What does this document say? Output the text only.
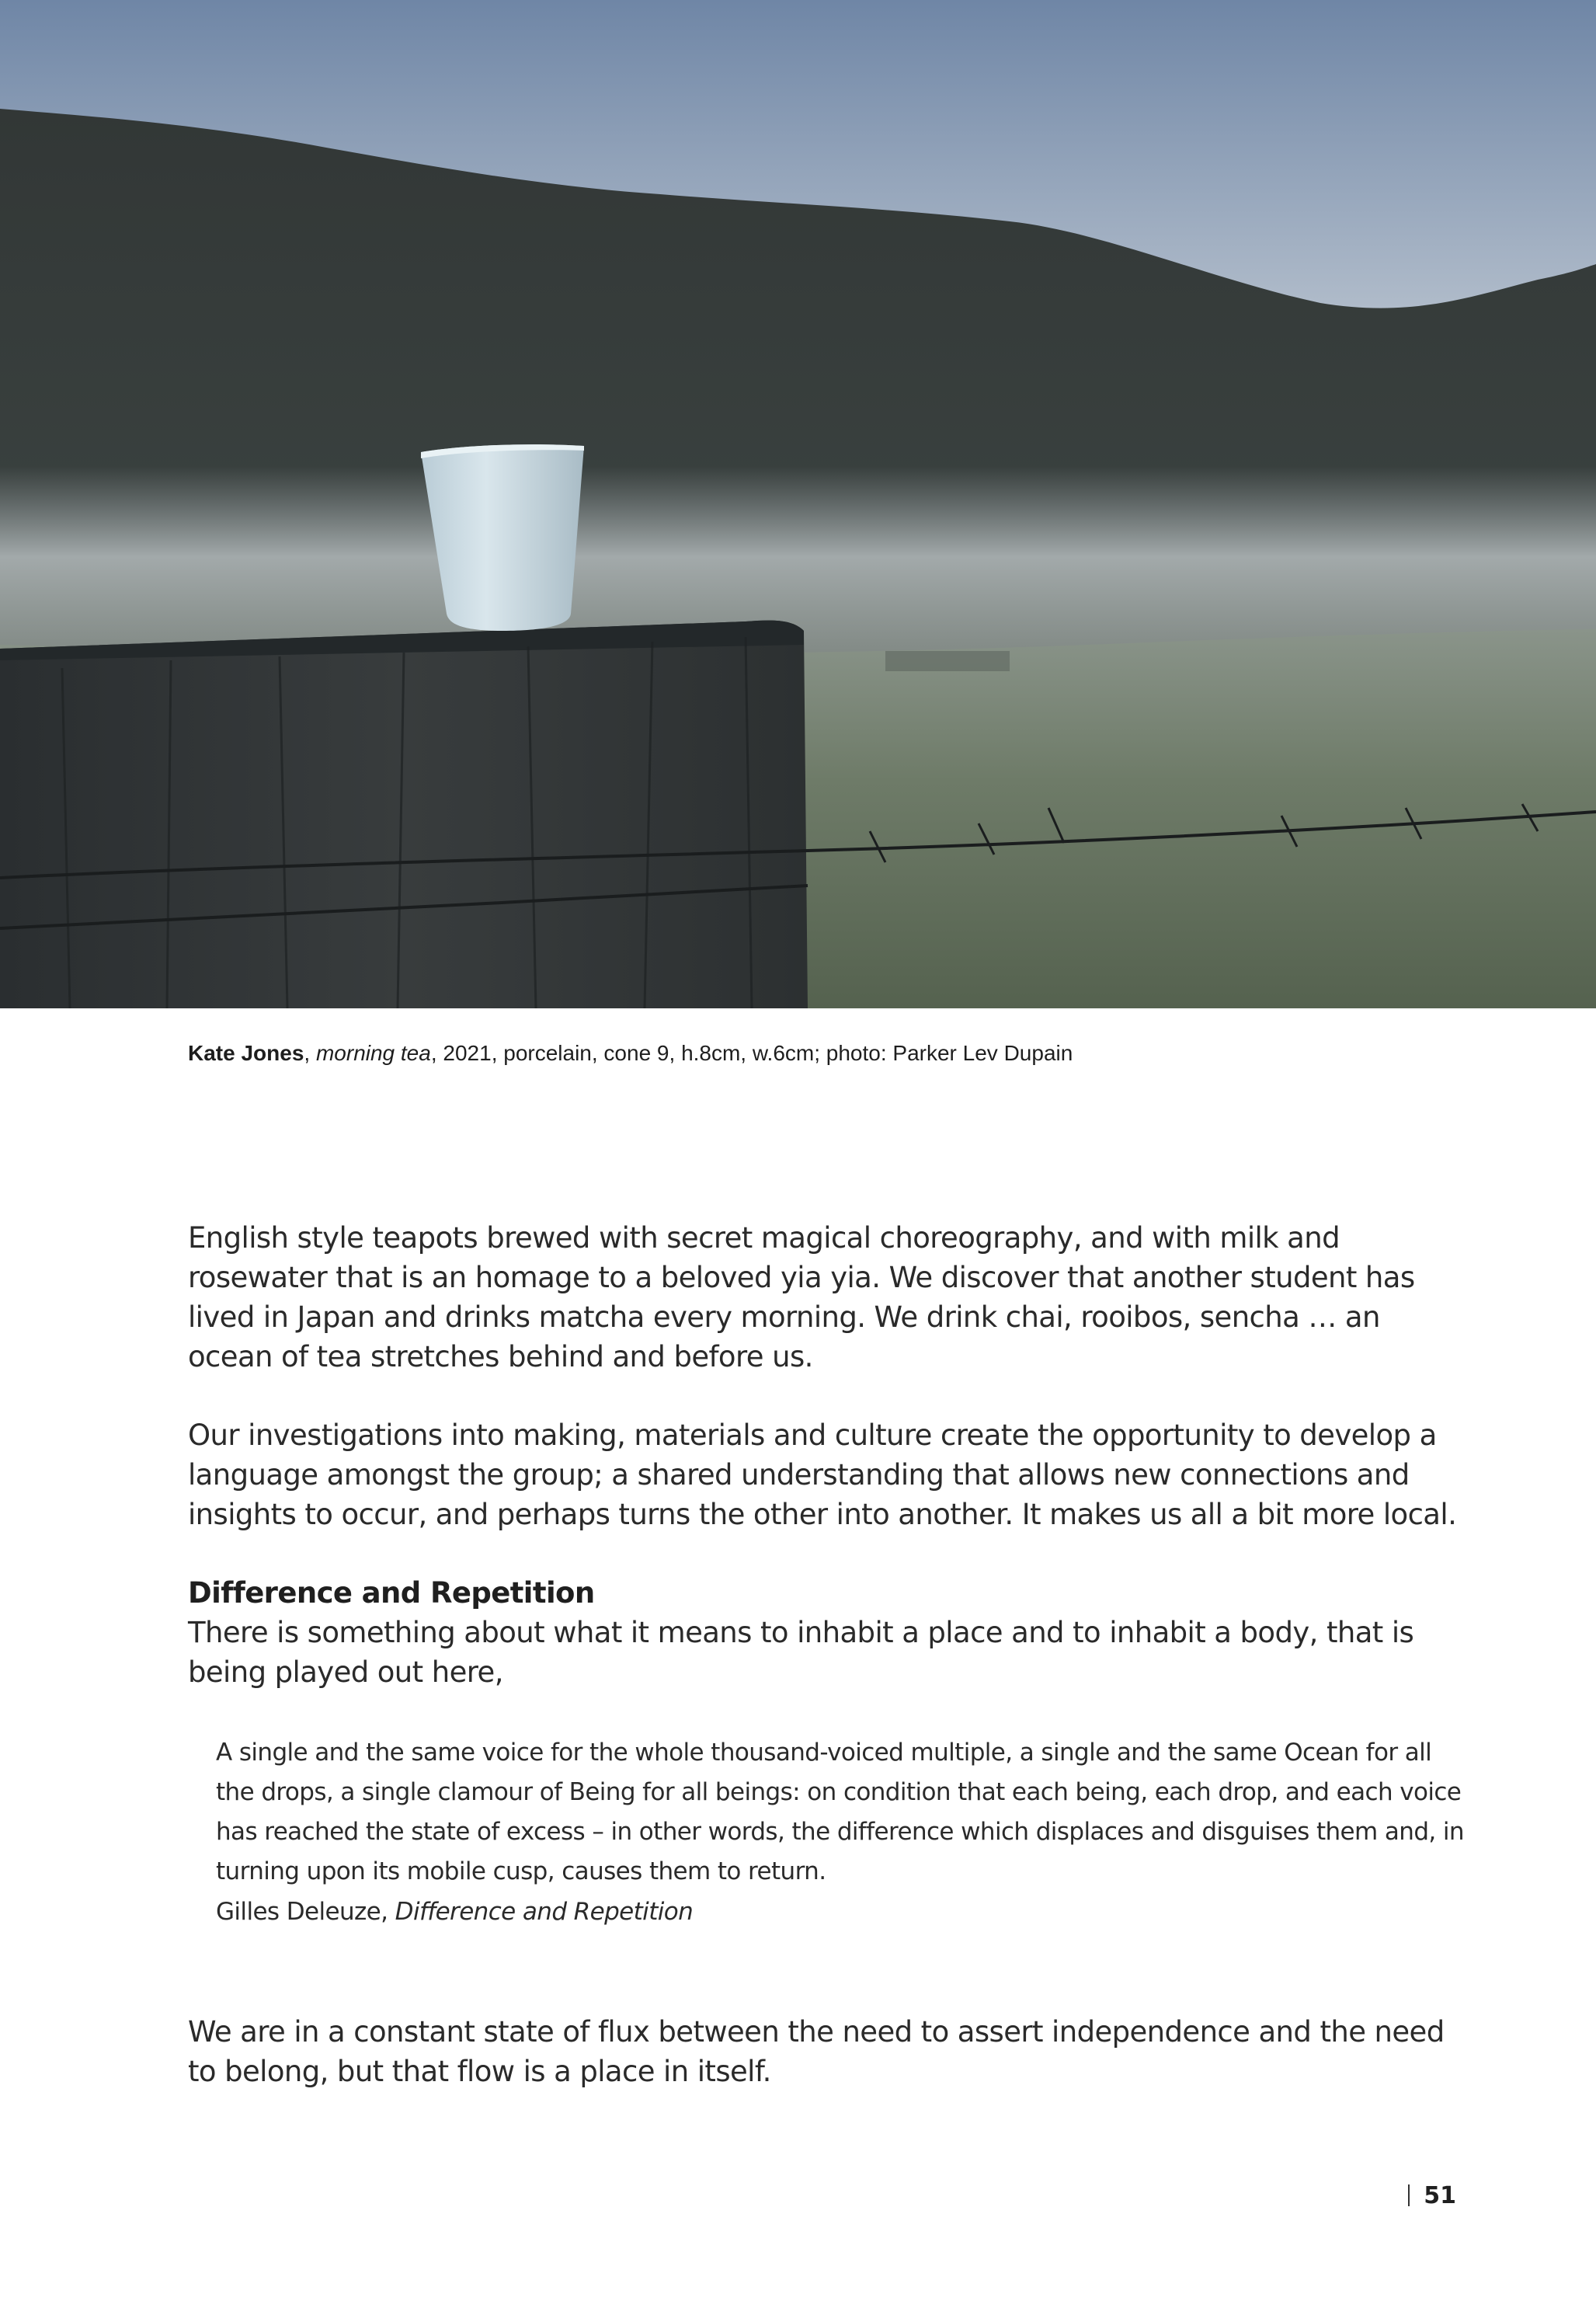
Kate Jones, morning tea, 2021, porcelain, cone 9, h.8cm, w.6cm; photo: Parker Lev Dupain

English style teapots brewed with secret magical choreography, and with milk and rosewater that is an homage to a beloved yia yia. We discover that another student has lived in Japan and drinks matcha every morning. We drink chai, rooibos, sencha … an ocean of tea stretches behind and before us.

Our investigations into making, materials and culture create the opportunity to develop a language amongst the group; a shared understanding that allows new connections and insights to occur, and perhaps turns the other into another. It makes us all a bit more local.

Difference and Repetition

There is something about what it means to inhabit a place and to inhabit a body, that is being played out here,

A single and the same voice for the whole thousand-voiced multiple, a single and the same Ocean for all the drops, a single clamour of Being for all beings: on condition that each being, each drop, and each voice has reached the state of excess – in other words, the difference which displaces and disguises them and, in turning upon its mobile cusp, causes them to return.

Gilles Deleuze, Difference and Repetition

We are in a constant state of flux between the need to assert independence and the need to belong, but that flow is a place in itself.

51
